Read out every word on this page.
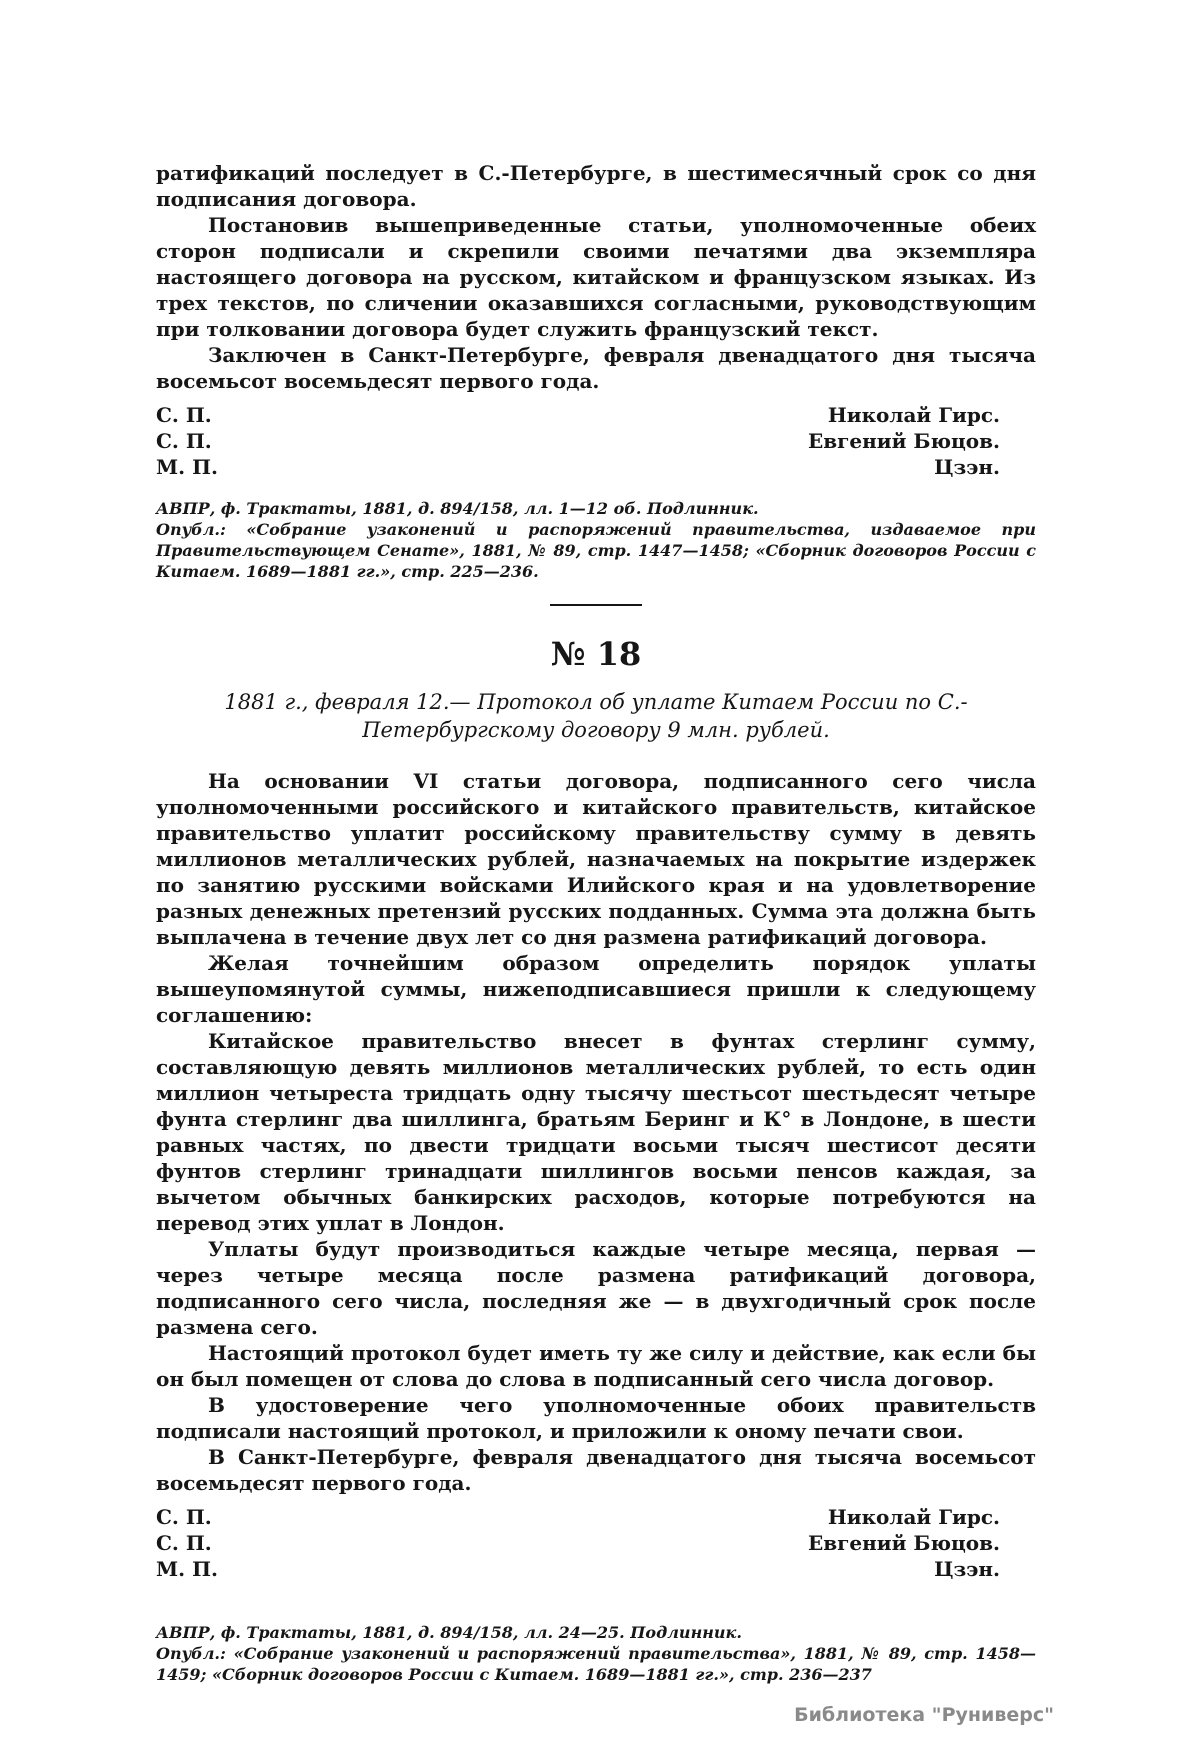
ратификаций последует в С.-Петербурге, в шестимесячный срок со дня подписания договора.

Постановив вышеприведенные статьи, уполномоченные обеих сторон подписали и скрепили своими печатями два экземпляра настоящего договора на русском, китайском и французском языках. Из трех текстов, по сличении оказавшихся согласными, руководствующим при толковании договора будет служить французский текст.

Заключен в Санкт-Петербурге, февраля двенадцатого дня тысяча восемьсот восемьдесят первого года.

С. П.
С. П.
М. П.
Николай Гирс.
Евгений Бюцов.
Цзэн.

АВПР, ф. Трактаты, 1881, д. 894/158, лл. 1—12 об. Подлинник.
Опубл.: «Собрание узаконений и распоряжений правительства, издаваемое при Правительствующем Сенате», 1881, № 89, стр. 1447—1458; «Сборник договоров России с Китаем. 1689—1881 гг.», стр. 225—236.

№ 18
1881 г., февраля 12.— Протокол об уплате Китаем России по С.-Петербургскому договору 9 млн. рублей.

На основании VI статьи договора, подписанного сего числа уполномоченными российского и китайского правительств, китайское правительство уплатит российскому правительству сумму в девять миллионов металлических рублей, назначаемых на покрытие издержек по занятию русскими войсками Илийского края и на удовлетворение разных денежных претензий русских подданных. Сумма эта должна быть выплачена в течение двух лет со дня размена ратификаций договора.

Желая точнейшим образом определить порядок уплаты вышеупомянутой суммы, нижеподписавшиеся пришли к следующему соглашению:

Китайское правительство внесет в фунтах стерлинг сумму, составляющую девять миллионов металлических рублей, то есть один миллион четыреста тридцать одну тысячу шестьсот шестьдесят четыре фунта стерлинг два шиллинга, братьям Беринг и К° в Лондоне, в шести равных частях, по двести тридцати восьми тысяч шестисот десяти фунтов стерлинг тринадцати шиллингов восьми пенсов каждая, за вычетом обычных банкирских расходов, которые потребуются на перевод этих уплат в Лондон.

Уплаты будут производиться каждые четыре месяца, первая — через четыре месяца после размена ратификаций договора, подписанного сего числа, последняя же — в двухгодичный срок после размена сего.

Настоящий протокол будет иметь ту же силу и действие, как если бы он был помещен от слова до слова в подписанный сего числа договор.

В удостоверение чего уполномоченные обоих правительств подписали настоящий протокол, и приложили к оному печати свои.

В Санкт-Петербурге, февраля двенадцатого дня тысяча восемьсот восемьдесят первого года.

С. П.
С. П.
М. П.
Николай Гирс.
Евгений Бюцов.
Цзэн.

АВПР, ф. Трактаты, 1881, д. 894/158, лл. 24—25. Подлинник.
Опубл.: «Собрание узаконений и распоряжений правительства», 1881, № 89, стр. 1458—1459; «Сборник договоров России с Китаем. 1689—1881 гг.», стр. 236—237

Библиотека "Руниверс"
